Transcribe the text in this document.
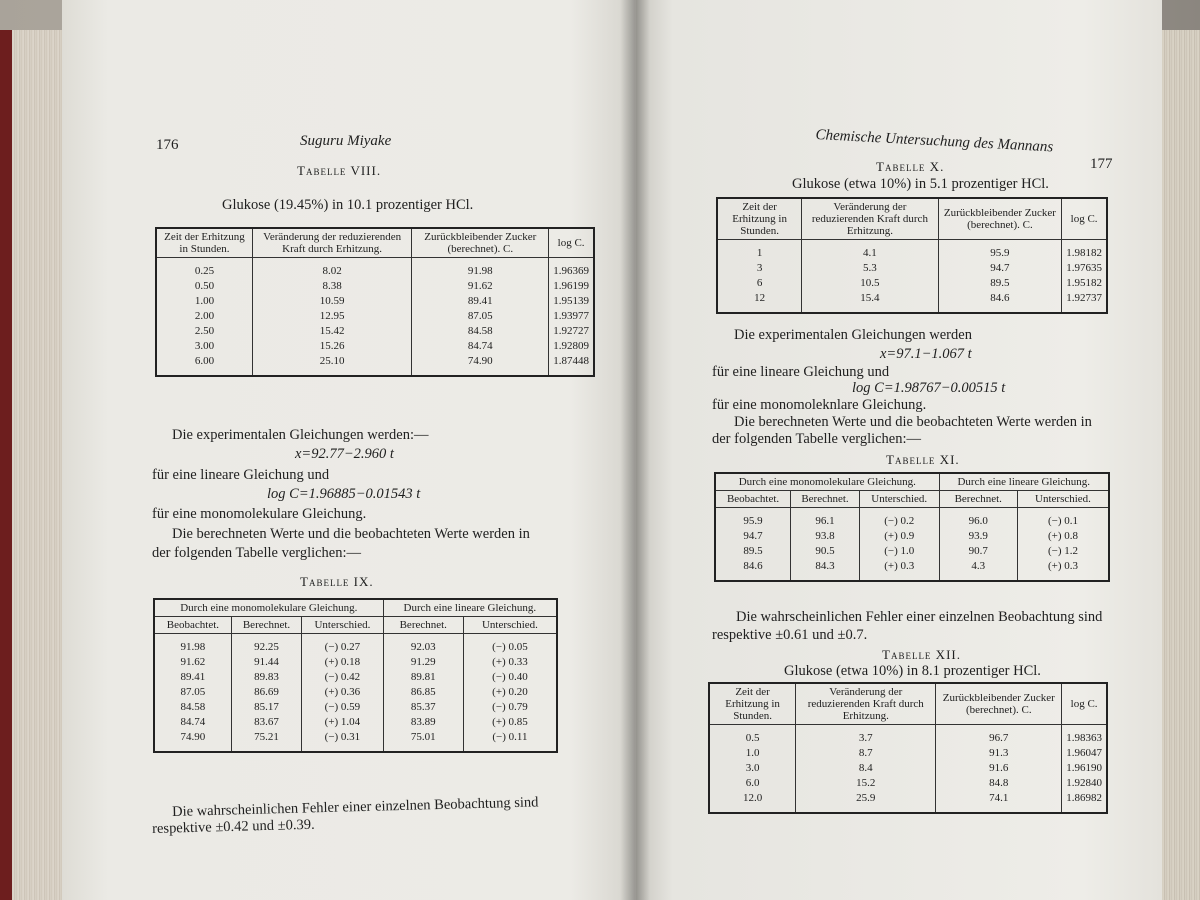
176	Suguru Miyake
Tabelle VIII.
Glukose (19.45%) in 10.1 prozentiger HCl.
Zeit der Erhitzung in Stunden.	Veränderung der reduzierenden Kraft durch Erhitzung.	Zurückbleibender Zucker (berechnet). C.	log C.
0.25	8.02	91.98	1.96369
0.50	8.38	91.62	1.96199
1.00	10.59	89.41	1.95139
2.00	12.95	87.05	1.93977
2.50	15.42	84.58	1.92727
3.00	15.26	84.74	1.92809
6.00	25.10	74.90	1.87448
Die experimentalen Gleichungen werden:—
x=92.77−2.960 t
für eine lineare Gleichung und
log C=1.96885−0.01543 t
für eine monomolekulare Gleichung.
Die berechneten Werte und die beobachteten Werte werden in
der folgenden Tabelle verglichen:—
Tabelle IX.
Durch eine monomolekulare Gleichung.			Durch eine lineare Gleichung.	
Beobachtet.	Berechnet.	Unterschied.	Berechnet.	Unterschied.
91.98	92.25	(−) 0.27	92.03	(−) 0.05
91.62	91.44	(+) 0.18	91.29	(+) 0.33
89.41	89.83	(−) 0.42	89.81	(−) 0.40
87.05	86.69	(+) 0.36	86.85	(+) 0.20
84.58	85.17	(−) 0.59	85.37	(−) 0.79
84.74	83.67	(+) 1.04	83.89	(+) 0.85
74.90	75.21	(−) 0.31	75.01	(−) 0.11
Die wahrscheinlichen Fehler einer einzelnen Beobachtung sind
respektive ±0.42 und ±0.39.
Chemische Untersuchung des Mannans
177
Tabelle X.
Glukose (etwa 10%) in 5.1 prozentiger HCl.
Zeit der Erhitzung in Stunden.	Veränderung der reduzierenden Kraft durch Erhitzung.	Zurückbleibender Zucker (berechnet). C.	log C.
1	4.1	95.9	1.98182
3	5.3	94.7	1.97635
6	10.5	89.5	1.95182
12	15.4	84.6	1.92737
Die experimentalen Gleichungen werden
x=97.1−1.067 t
für eine lineare Gleichung und
log C=1.98767−0.00515 t
für eine monomoleknlare Gleichung.
Die berechneten Werte und die beobachteten Werte werden in
der folgenden Tabelle verglichen:—
Tabelle XI.
Durch eine monomolekulare Gleichung.			Durch eine lineare Gleichung.	
Beobachtet.	Berechnet.	Unterschied.	Berechnet.	Unterschied.
95.9	96.1	(−) 0.2	96.0	(−) 0.1
94.7	93.8	(+) 0.9	93.9	(+) 0.8
89.5	90.5	(−) 1.0	90.7	(−) 1.2
84.6	84.3	(+) 0.3	4.3	(+) 0.3
Die wahrscheinlichen Fehler einer einzelnen Beobachtung sind
respektive ±0.61 und ±0.7.
Tabelle XII.
Glukose (etwa 10%) in 8.1 prozentiger HCl.
Zeit der Erhitzung in Stunden.	Veränderung der reduzierenden Kraft durch Erhitzung.	Zurückbleibender Zucker (berechnet). C.	log C.
0.5	3.7	96.7	1.98363
1.0	8.7	91.3	1.96047
3.0	8.4	91.6	1.96190
6.0	15.2	84.8	1.92840
12.0	25.9	74.1	1.86982
